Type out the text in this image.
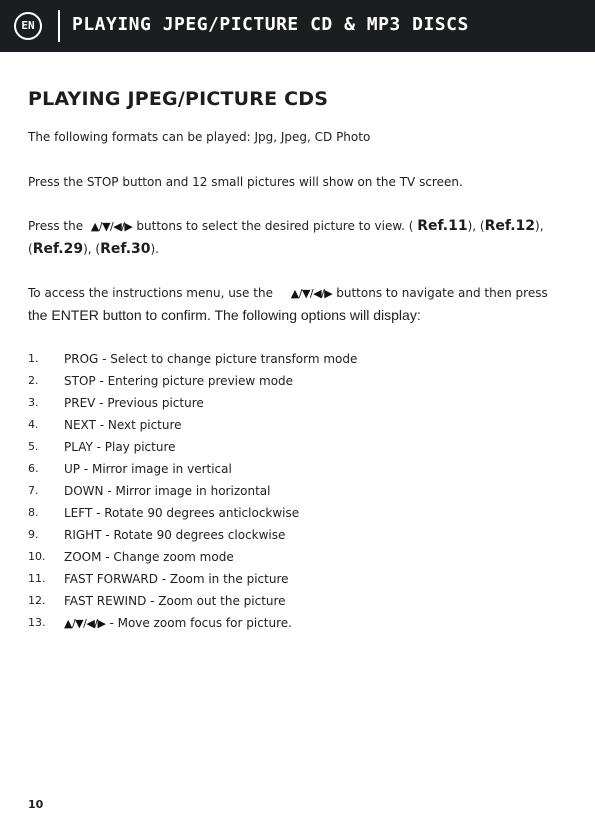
EN	PLAYING JPEG/PICTURE CD & MP3 DISCS
PLAYING JPEG/PICTURE CDS
The following formats can be played: Jpg, Jpeg, CD Photo
Press the STOP button and 12 small pictures will show on the TV screen.
Press the ▲/▼/◀/▶ buttons to select the desired picture to view. ( Ref.11), (Ref.12),
(Ref.29), (Ref.30).
To access the instructions menu, use the ▲/▼/◀/▶ buttons to navigate and then press
the ENTER button to confirm. The following options will display:
1.	PROG - Select to change picture transform mode
2.	STOP - Entering picture preview mode
3.	PREV - Previous picture
4.	NEXT - Next picture
5.	PLAY - Play picture
6.	UP - Mirror image in vertical
7.	DOWN - Mirror image in horizontal
8.	LEFT - Rotate 90 degrees anticlockwise
9.	RIGHT - Rotate 90 degrees clockwise
10.	ZOOM - Change zoom mode
11.	FAST FORWARD - Zoom in the picture
12.	FAST REWIND - Zoom out the picture
13.	▲/▼/◀/▶ - Move zoom focus for picture.
10
